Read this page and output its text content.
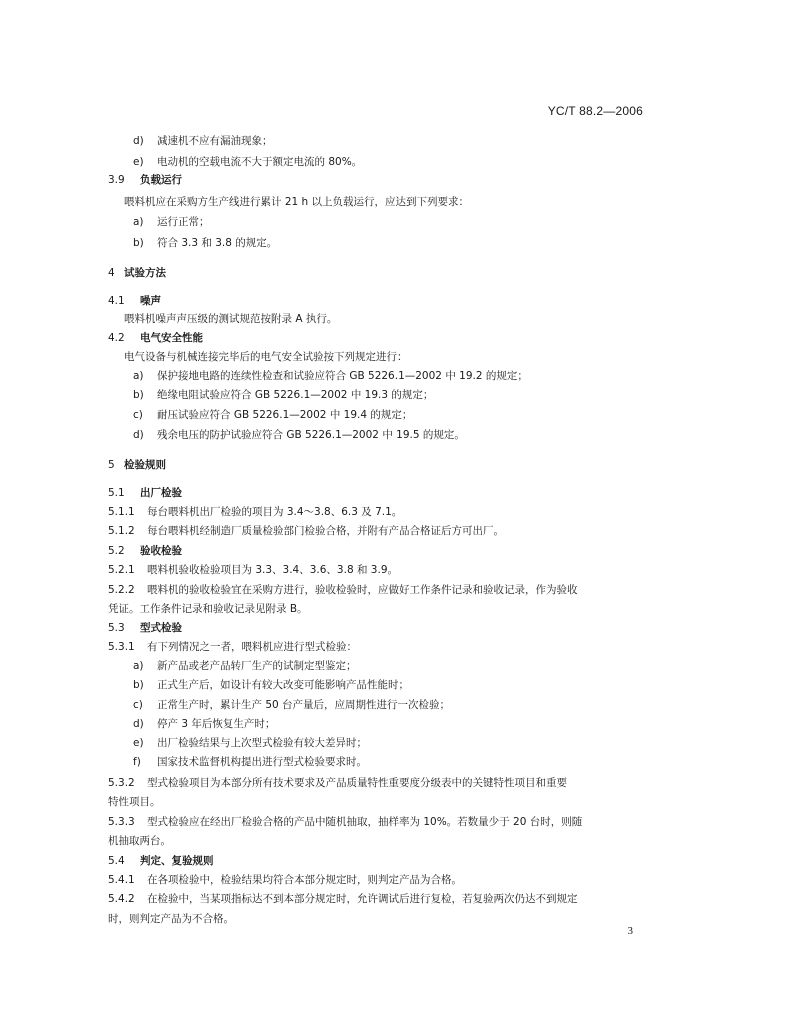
YC/T 88.2—2006
d) 减速机不应有漏油现象；
e) 电动机的空载电流不大于额定电流的 80%。
3.9 负载运行
喂料机应在采购方生产线进行累计 21 h 以上负载运行，应达到下列要求：
a) 运行正常；
b) 符合 3.3 和 3.8 的规定。
4 试验方法
4.1 噪声
喂料机噪声声压级的测试规范按附录 A 执行。
4.2 电气安全性能
电气设备与机械连接完毕后的电气安全试验按下列规定进行：
a) 保护接地电路的连续性检查和试验应符合 GB 5226.1—2002 中 19.2 的规定；
b) 绝缘电阻试验应符合 GB 5226.1—2002 中 19.3 的规定；
c) 耐压试验应符合 GB 5226.1—2002 中 19.4 的规定；
d) 残余电压的防护试验应符合 GB 5226.1—2002 中 19.5 的规定。
5 检验规则
5.1 出厂检验
5.1.1 每台喂料机出厂检验的项目为 3.4～3.8、6.3 及 7.1。
5.1.2 每台喂料机经制造厂质量检验部门检验合格，并附有产品合格证后方可出厂。
5.2 验收检验
5.2.1 喂料机验收检验项目为 3.3、3.4、3.6、3.8 和 3.9。
5.2.2 喂料机的验收检验宜在采购方进行，验收检验时，应做好工作条件记录和验收记录，作为验收
凭证。工作条件记录和验收记录见附录 B。
5.3 型式检验
5.3.1 有下列情况之一者，喂料机应进行型式检验：
a) 新产品或老产品转厂生产的试制定型鉴定；
b) 正式生产后，如设计有较大改变可能影响产品性能时；
c) 正常生产时，累计生产 50 台产量后，应周期性进行一次检验；
d) 停产 3 年后恢复生产时；
e) 出厂检验结果与上次型式检验有较大差异时；
f) 国家技术监督机构提出进行型式检验要求时。
5.3.2 型式检验项目为本部分所有技术要求及产品质量特性重要度分级表中的关键特性项目和重要
特性项目。
5.3.3 型式检验应在经出厂检验合格的产品中随机抽取，抽样率为 10%。若数量少于 20 台时，则随
机抽取两台。
5.4 判定、复验规则
5.4.1 在各项检验中，检验结果均符合本部分规定时，则判定产品为合格。
5.4.2 在检验中，当某项指标达不到本部分规定时，允许调试后进行复检，若复验两次仍达不到规定
时，则判定产品为不合格。
3
